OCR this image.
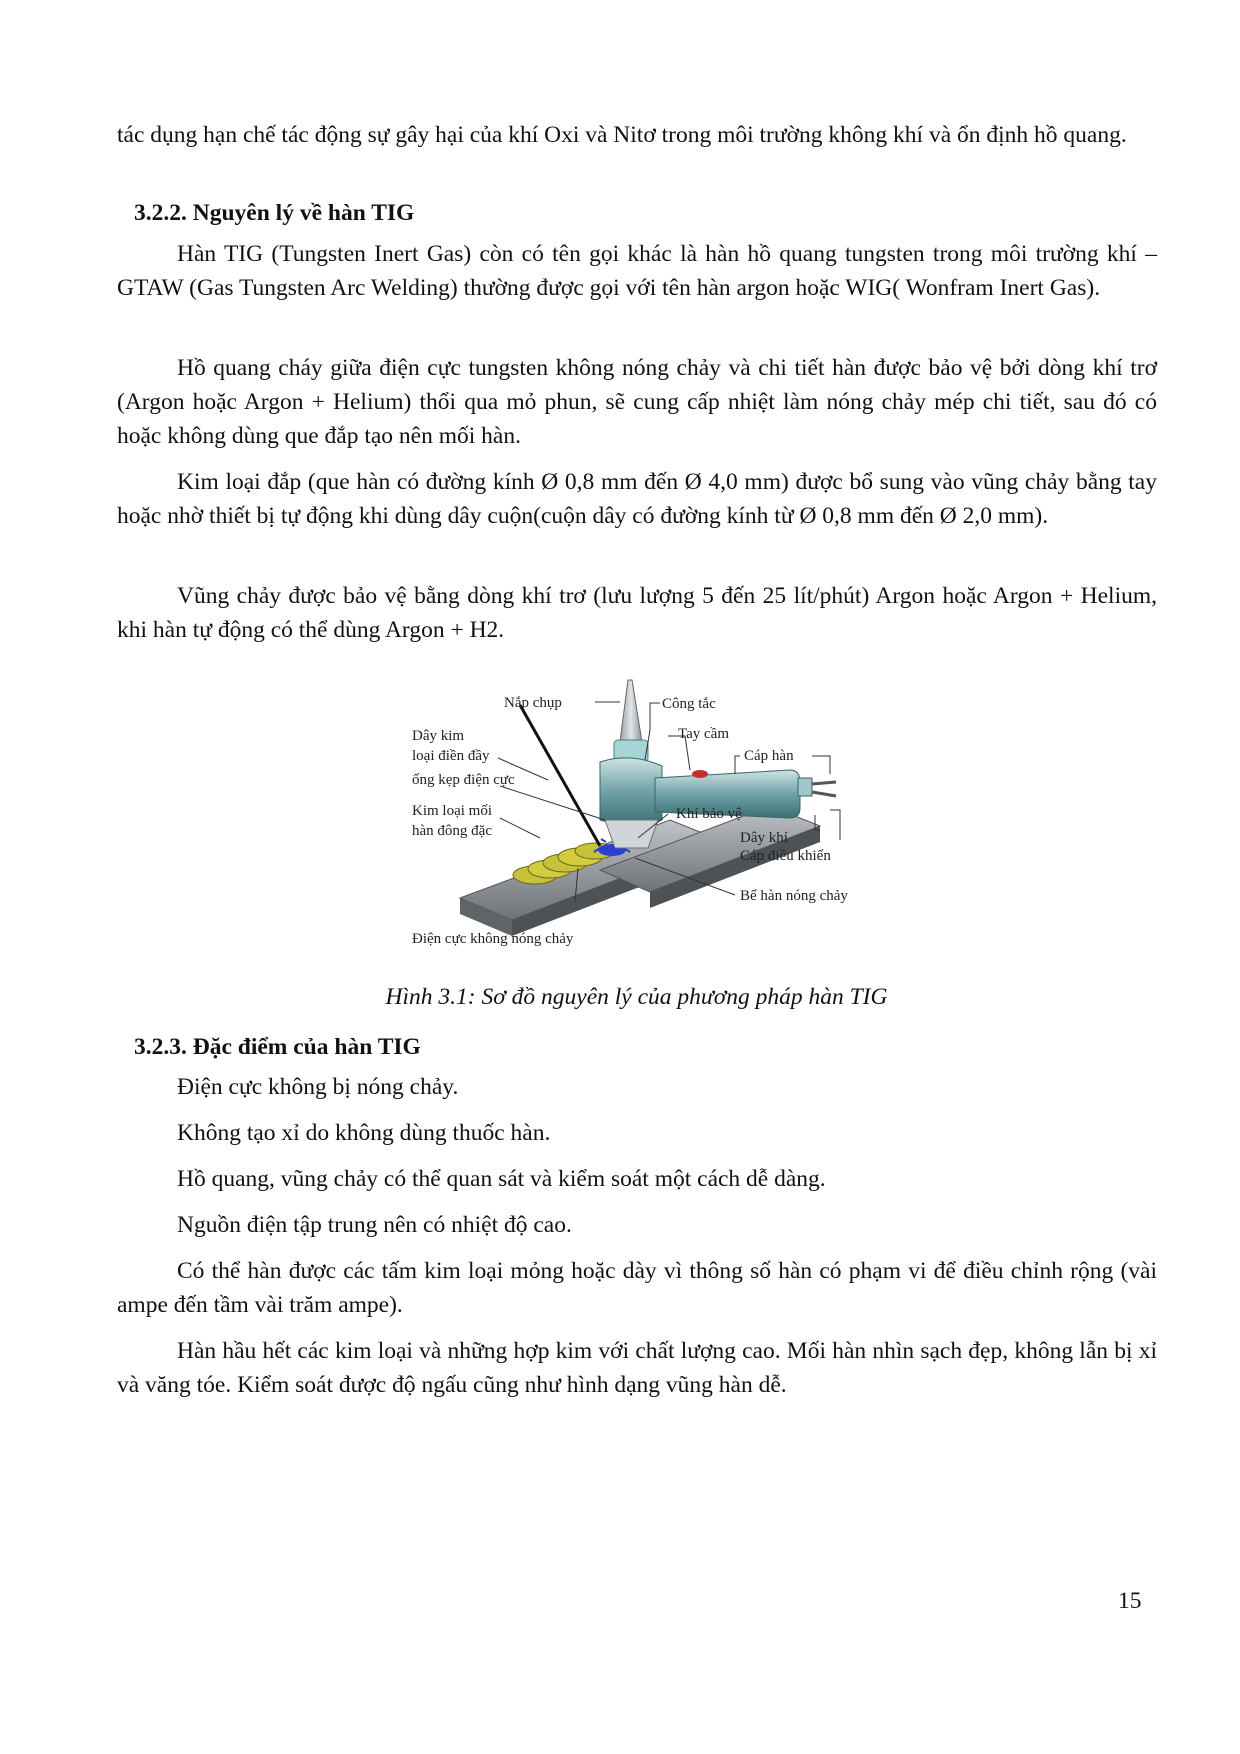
tác dụng hạn chế tác động sự gây hại của khí Oxi và Nitơ trong môi trường không khí và ổn định hồ quang.

3.2.2. Nguyên lý về hàn TIG

Hàn TIG (Tungsten Inert Gas) còn có tên gọi khác là hàn hồ quang tungsten trong môi trường khí – GTAW (Gas Tungsten Arc Welding) thường được gọi với tên hàn argon hoặc WIG( Wonfram Inert Gas).

Hồ quang cháy giữa điện cực tungsten không nóng chảy và chi tiết hàn được bảo vệ bởi dòng khí trơ (Argon hoặc Argon + Helium) thổi qua mỏ phun, sẽ cung cấp nhiệt làm nóng chảy mép chi tiết, sau đó có hoặc không dùng que đắp tạo nên mối hàn.

Kim loại đắp (que hàn có đường kính Ø 0,8 mm đến Ø 4,0 mm) được bổ sung vào vũng chảy bằng tay hoặc nhờ thiết bị tự động khi dùng dây cuộn(cuộn dây có đường kính từ Ø 0,8 mm đến Ø 2,0 mm).

Vũng chảy được bảo vệ bằng dòng khí trơ (lưu lượng 5 đến 25 lít/phút) Argon hoặc Argon + Helium, khi hàn tự động có thể dùng Argon + H2.

Nắp chụp	Công tắc
Tay cầm
Cáp hàn
Dây kim
loại điền đầy
ống kẹp điện cực
Kim loại mối
hàn đông đặc
Khí bảo vệ
Dây khí
Cáp điều khiển
Bể hàn nóng chảy
Điện cực không nóng chảy
Hình 3.1: Sơ đồ nguyên lý của phương pháp hàn TIG
3.2.3. Đặc điểm của hàn TIG

Điện cực không bị nóng chảy.

Không tạo xỉ do không dùng thuốc hàn.

Hồ quang, vũng chảy có thể quan sát và kiểm soát một cách dễ dàng.

Nguồn điện tập trung nên có nhiệt độ cao.

Có thể hàn được các tấm kim loại mỏng hoặc dày vì thông số hàn có phạm vi để điều chỉnh rộng (vài ampe đến tầm vài trăm ampe).

Hàn hầu hết các kim loại và những hợp kim với chất lượng cao. Mối hàn nhìn sạch đẹp, không lẫn bị xỉ và văng tóe. Kiểm soát được độ ngấu cũng như hình dạng vũng hàn dễ.

15
